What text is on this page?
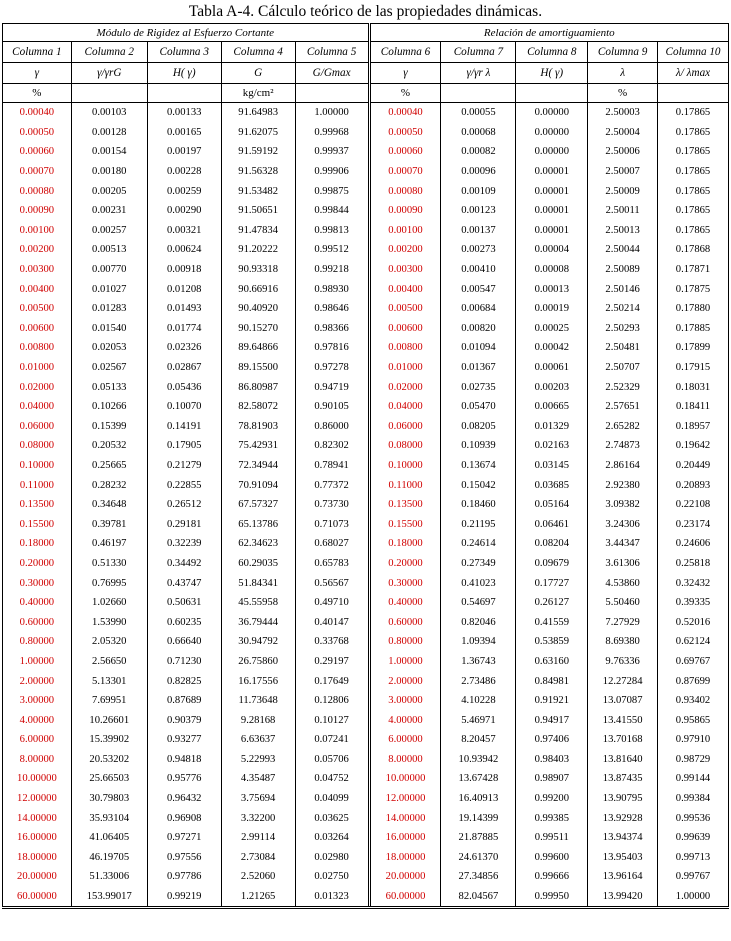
Tabla A-4. Cálculo teórico de las propiedades dinámicas.
Módulo de Rigidez al Esfuerzo Cortante					Relación de amortiguamiento				
Columna 1	Columna 2	Columna 3	Columna 4	Columna 5	Columna 6	Columna 7	Columna 8	Columna 9	Columna 10
γ	γ/γrG	H( γ)	G	G/Gmax	γ	γ/γr λ	H( γ)	λ	λ/ λmax
%			kg/cm²		%			%	
0.00040	0.00103	0.00133	91.64983	1.00000	0.00040	0.00055	0.00000	2.50003	0.17865
0.00050	0.00128	0.00165	91.62075	0.99968	0.00050	0.00068	0.00000	2.50004	0.17865
0.00060	0.00154	0.00197	91.59192	0.99937	0.00060	0.00082	0.00000	2.50006	0.17865
0.00070	0.00180	0.00228	91.56328	0.99906	0.00070	0.00096	0.00001	2.50007	0.17865
0.00080	0.00205	0.00259	91.53482	0.99875	0.00080	0.00109	0.00001	2.50009	0.17865
0.00090	0.00231	0.00290	91.50651	0.99844	0.00090	0.00123	0.00001	2.50011	0.17865
0.00100	0.00257	0.00321	91.47834	0.99813	0.00100	0.00137	0.00001	2.50013	0.17865
0.00200	0.00513	0.00624	91.20222	0.99512	0.00200	0.00273	0.00004	2.50044	0.17868
0.00300	0.00770	0.00918	90.93318	0.99218	0.00300	0.00410	0.00008	2.50089	0.17871
0.00400	0.01027	0.01208	90.66916	0.98930	0.00400	0.00547	0.00013	2.50146	0.17875
0.00500	0.01283	0.01493	90.40920	0.98646	0.00500	0.00684	0.00019	2.50214	0.17880
0.00600	0.01540	0.01774	90.15270	0.98366	0.00600	0.00820	0.00025	2.50293	0.17885
0.00800	0.02053	0.02326	89.64866	0.97816	0.00800	0.01094	0.00042	2.50481	0.17899
0.01000	0.02567	0.02867	89.15500	0.97278	0.01000	0.01367	0.00061	2.50707	0.17915
0.02000	0.05133	0.05436	86.80987	0.94719	0.02000	0.02735	0.00203	2.52329	0.18031
0.04000	0.10266	0.10070	82.58072	0.90105	0.04000	0.05470	0.00665	2.57651	0.18411
0.06000	0.15399	0.14191	78.81903	0.86000	0.06000	0.08205	0.01329	2.65282	0.18957
0.08000	0.20532	0.17905	75.42931	0.82302	0.08000	0.10939	0.02163	2.74873	0.19642
0.10000	0.25665	0.21279	72.34944	0.78941	0.10000	0.13674	0.03145	2.86164	0.20449
0.11000	0.28232	0.22855	70.91094	0.77372	0.11000	0.15042	0.03685	2.92380	0.20893
0.13500	0.34648	0.26512	67.57327	0.73730	0.13500	0.18460	0.05164	3.09382	0.22108
0.15500	0.39781	0.29181	65.13786	0.71073	0.15500	0.21195	0.06461	3.24306	0.23174
0.18000	0.46197	0.32239	62.34623	0.68027	0.18000	0.24614	0.08204	3.44347	0.24606
0.20000	0.51330	0.34492	60.29035	0.65783	0.20000	0.27349	0.09679	3.61306	0.25818
0.30000	0.76995	0.43747	51.84341	0.56567	0.30000	0.41023	0.17727	4.53860	0.32432
0.40000	1.02660	0.50631	45.55958	0.49710	0.40000	0.54697	0.26127	5.50460	0.39335
0.60000	1.53990	0.60235	36.79444	0.40147	0.60000	0.82046	0.41559	7.27929	0.52016
0.80000	2.05320	0.66640	30.94792	0.33768	0.80000	1.09394	0.53859	8.69380	0.62124
1.00000	2.56650	0.71230	26.75860	0.29197	1.00000	1.36743	0.63160	9.76336	0.69767
2.00000	5.13301	0.82825	16.17556	0.17649	2.00000	2.73486	0.84981	12.27284	0.87699
3.00000	7.69951	0.87689	11.73648	0.12806	3.00000	4.10228	0.91921	13.07087	0.93402
4.00000	10.26601	0.90379	9.28168	0.10127	4.00000	5.46971	0.94917	13.41550	0.95865
6.00000	15.39902	0.93277	6.63637	0.07241	6.00000	8.20457	0.97406	13.70168	0.97910
8.00000	20.53202	0.94818	5.22993	0.05706	8.00000	10.93942	0.98403	13.81640	0.98729
10.00000	25.66503	0.95776	4.35487	0.04752	10.00000	13.67428	0.98907	13.87435	0.99144
12.00000	30.79803	0.96432	3.75694	0.04099	12.00000	16.40913	0.99200	13.90795	0.99384
14.00000	35.93104	0.96908	3.32200	0.03625	14.00000	19.14399	0.99385	13.92928	0.99536
16.00000	41.06405	0.97271	2.99114	0.03264	16.00000	21.87885	0.99511	13.94374	0.99639
18.00000	46.19705	0.97556	2.73084	0.02980	18.00000	24.61370	0.99600	13.95403	0.99713
20.00000	51.33006	0.97786	2.52060	0.02750	20.00000	27.34856	0.99666	13.96164	0.99767
60.00000	153.99017	0.99219	1.21265	0.01323	60.00000	82.04567	0.99950	13.99420	1.00000
